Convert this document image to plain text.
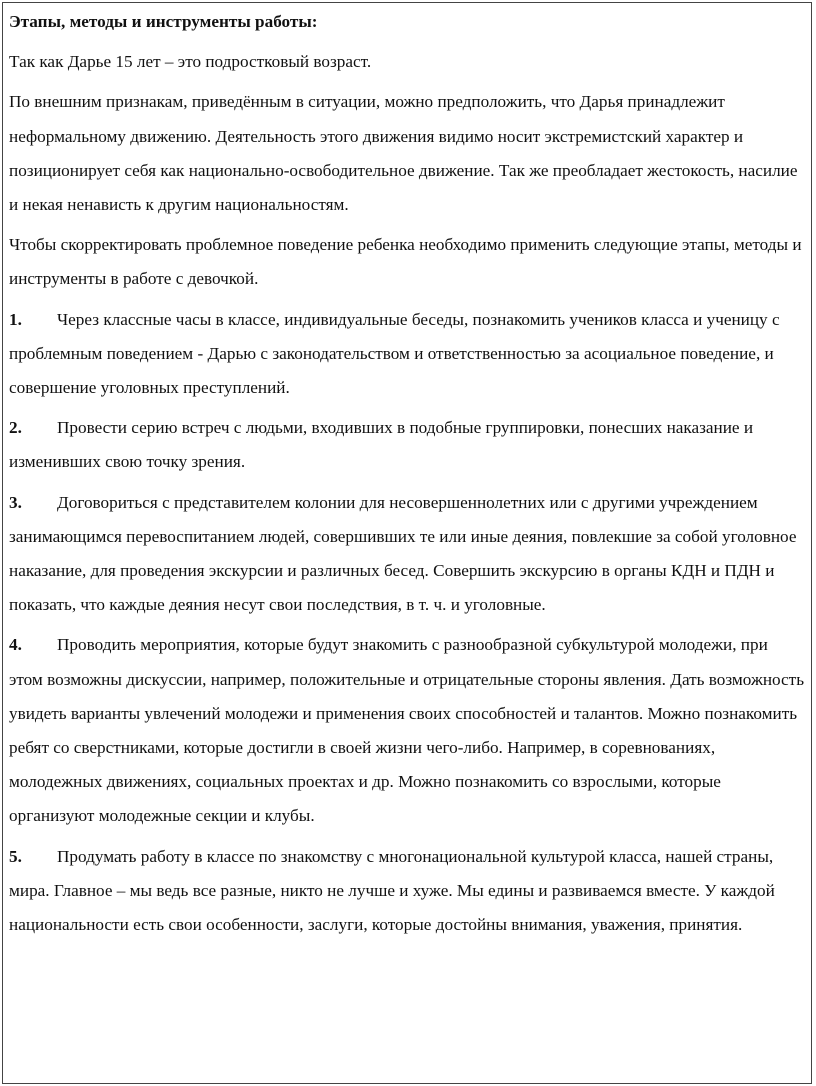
Этапы, методы и инструменты работы:

Так как Дарье 15 лет – это подростковый возраст.

По внешним признакам, приведённым в ситуации, можно предположить, что Дарья принадлежит неформальному движению. Деятельность этого движения видимо носит экстремистский характер и позиционирует себя как национально-освободительное движение. Так же преобладает жестокость, насилие и некая ненависть к другим национальностям.

Чтобы скорректировать проблемное поведение ребенка необходимо применить следующие этапы, методы и инструменты в работе с девочкой.

1. Через классные часы в классе, индивидуальные беседы, познакомить учеников класса и ученицу с проблемным поведением - Дарью с законодательством и ответственностью за асоциальное поведение, и совершение уголовных преступлений.

2. Провести серию встреч с людьми, входивших в подобные группировки, понесших наказание и изменивших свою точку зрения.

3. Договориться с представителем колонии для несовершеннолетних или с другими учреждением занимающимся перевоспитанием людей, совершивших те или иные деяния, повлекшие за собой уголовное наказание, для проведения экскурсии и различных бесед. Совершить экскурсию в органы КДН и ПДН и показать, что каждые деяния несут свои последствия, в т. ч. и уголовные.

4. Проводить мероприятия, которые будут знакомить с разнообразной субкультурой молодежи, при этом возможны дискуссии, например, положительные и отрицательные стороны явления. Дать возможность увидеть варианты увлечений молодежи и применения своих способностей и талантов. Можно познакомить ребят со сверстниками, которые достигли в своей жизни чего-либо. Например, в соревнованиях, молодежных движениях, социальных проектах и др. Можно познакомить со взрослыми, которые организуют молодежные секции и клубы.

5. Продумать работу в классе по знакомству с многонациональной культурой класса, нашей страны, мира. Главное – мы ведь все разные, никто не лучше и хуже. Мы едины и развиваемся вместе. У каждой национальности есть свои особенности, заслуги, которые достойны внимания, уважения, принятия.
